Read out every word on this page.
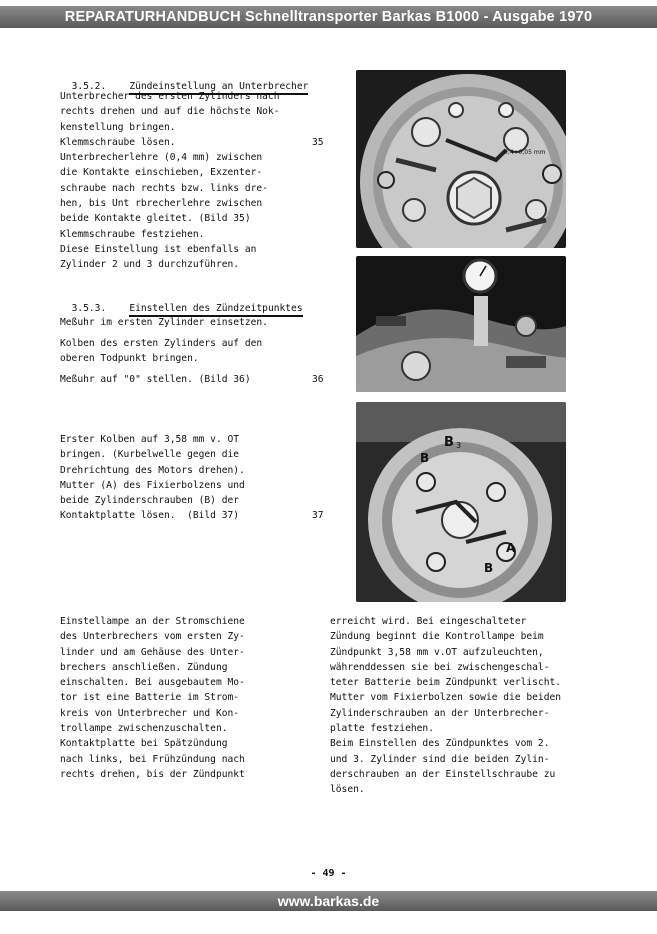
REPARATURHANDBUCH Schnelltransporter Barkas B1000 - Ausgabe 1970

3.5.2. Zündeinstellung an Unterbrecher

Unterbrecher des ersten Zylinders nach
rechts drehen und auf die höchste Nok-
kenstellung bringen.
Klemmschraube lösen.
Unterbrecherlehre (0,4 mm) zwischen
die Kontakte einschieben, Exzenter-
schraube nach rechts bzw. links dre-
hen, bis Unt rbrecherlehre zwischen
beide Kontakte gleitet. (Bild 35)
Klemmschraube festziehen.
Diese Einstellung ist ebenfalls an
Zylinder 2 und 3 durchzuführen.
35

3.5.3. Einstellen des Zündzeitpunktes

Meßuhr im ersten Zylinder einsetzen.
Kolben des ersten Zylinders auf den
oberen Todpunkt bringen.
Meßuhr auf "0" stellen. (Bild 36)	36
Erster Kolben auf 3,58 mm v. OT
bringen. (Kurbelwelle gegen die
Drehrichtung des Motors drehen).
Mutter (A) des Fixierbolzens und
beide Zylinderschrauben (B) der
Kontaktplatte lösen.  (Bild 37)	37
0,4+0,05 mm
B 3
B
A
B
Einstellampe an der Stromschiene
des Unterbrechers vom ersten Zy-
linder und am Gehäuse des Unter-
brechers anschließen. Zündung
einschalten. Bei ausgebautem Mo-
tor ist eine Batterie im Strom-
kreis von Unterbrecher und Kon-
trollampe zwischenzuschalten.
Kontaktplatte bei Spätzündung
nach links, bei Frühzündung nach
rechts drehen, bis der Zündpunkt
erreicht wird. Bei eingeschalteter
Zündung beginnt die Kontrollampe beim
Zündpunkt 3,58 mm v.OT aufzuleuchten,
währenddessen sie bei zwischengeschal-
teter Batterie beim Zündpunkt verlischt.
Mutter vom Fixierbolzen sowie die beiden
Zylinderschrauben an der Unterbrecher-
platte festziehen.
Beim Einstellen des Zündpunktes vom 2.
und 3. Zylinder sind die beiden Zylin-
derschrauben an der Einstellschraube zu
lösen.
- 49 -
www.barkas.de
